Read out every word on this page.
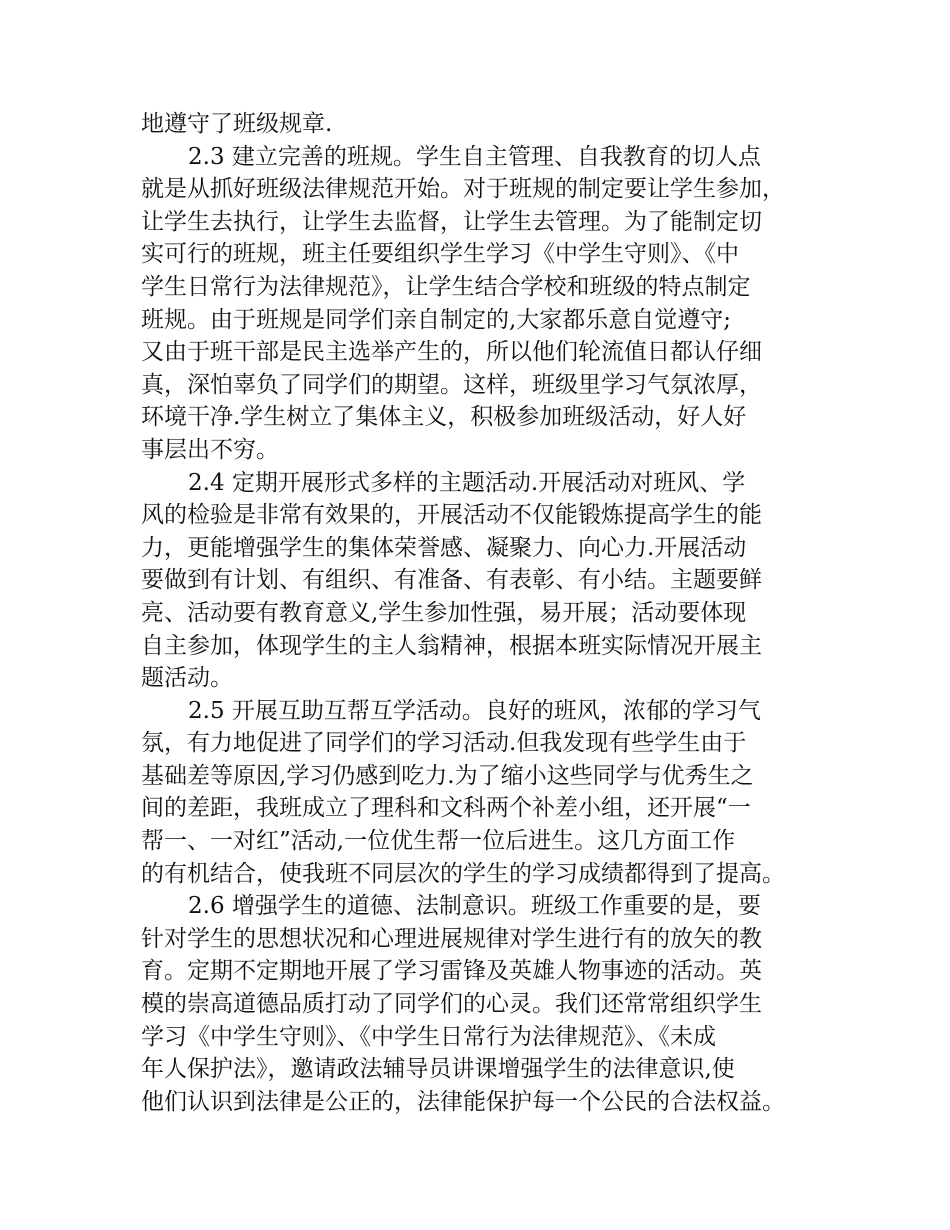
地遵守了班级规章.
2.3 建立完善的班规。学生自主管理、自我教育的切人点
就是从抓好班级法律规范开始。对于班规的制定要让学生参加，
让学生去执行，让学生去监督，让学生去管理。为了能制定切
实可行的班规，班主任要组织学生学习《中学生守则》、《中
学生日常行为法律规范》，让学生结合学校和班级的特点制定
班规。由于班规是同学们亲自制定的,大家都乐意自觉遵守;
又由于班干部是民主选举产生的，所以他们轮流值日都认仔细
真，深怕辜负了同学们的期望。这样，班级里学习气氛浓厚，
环境干净.学生树立了集体主义，积极参加班级活动，好人好
事层出不穷。
2.4 定期开展形式多样的主题活动.开展活动对班风、学
风的检验是非常有效果的，开展活动不仅能锻炼提高学生的能
力，更能增强学生的集体荣誉感、凝聚力、向心力.开展活动
要做到有计划、有组织、有准备、有表彰、有小结。主题要鲜
亮、活动要有教育意义,学生参加性强，易开展；活动要体现
自主参加，体现学生的主人翁精神，根据本班实际情况开展主
题活动。
2.5 开展互助互帮互学活动。良好的班风，浓郁的学习气
氛，有力地促进了同学们的学习活动.但我发现有些学生由于
基础差等原因,学习仍感到吃力.为了缩小这些同学与优秀生之
间的差距，我班成立了理科和文科两个补差小组，还开展“一
帮一、一对红”活动,一位优生帮一位后进生。这几方面工作
的有机结合，使我班不同层次的学生的学习成绩都得到了提高。
2.6 增强学生的道德、法制意识。班级工作重要的是，要
针对学生的思想状况和心理进展规律对学生进行有的放矢的教
育。定期不定期地开展了学习雷锋及英雄人物事迹的活动。英
模的崇高道德品质打动了同学们的心灵。我们还常常组织学生
学习《中学生守则》、《中学生日常行为法律规范》、《未成
年人保护法》，邀请政法辅导员讲课增强学生的法律意识,使
他们认识到法律是公正的，法律能保护每一个公民的合法权益。
